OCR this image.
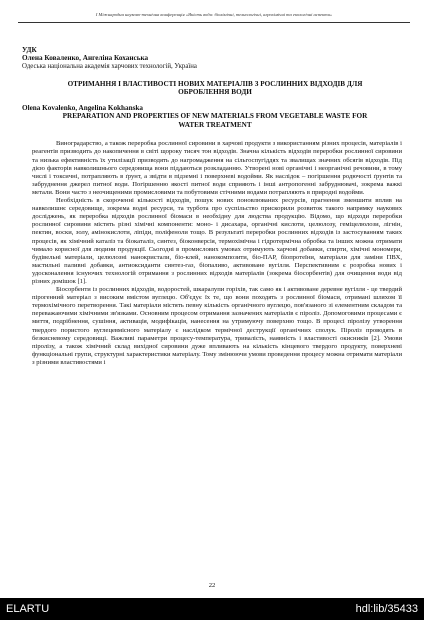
І Міжнародна науково-технічна конференція «Якість води: біохімічні, технологічні, агрохімічні та екологічні аспекти»
УДК
Олена Коваленко, Ангеліна Коханська
Одеська національна академія харчових технологій, Україна
ОТРИМАННЯ І ВЛАСТИВОСТІ НОВИХ МАТЕРІАЛІВ З РОСЛИННИХ ВІДХОДІВ ДЛЯ ОБРОБЛЕННЯ ВОДИ
Olena Kovalenko, Angelina Kokhanska
PREPARATION AND PROPERTIES OF NEW MATERIALS FROM VEGETABLE WASTE FOR WATER TREATMENT

Виноградарство, а також переробка рослинної сировини в харчові продукти з використанням різних процесів, матеріалів і реагентів призводить до накопичення в світі щороку тисяч тон відходів. Значна кількість відходів переробки рослинної сировини та низька ефективність їх утилізації призводять до нагромадження на сільгоспугіддях та звалищах значних обсягів відходів. Під дією факторів навколишнього середовища вони піддаються розкладанню. Утворені нові органічні і неорганічні речовини, в тому числі і токсичні, потрапляють в ґрунт, а звідти в підземні і поверхневі водойми. Як наслідок – погіршення родючості ґрунтів та забруднення джерел питної води. Погіршенню якості питної води сприяють і інші антропогенні забруднювачі, зокрема важкі метали. Вони часто з неочищеними промисловими та побутовими стічними водами потрапляють в природні водойми.

Необхідність в скороченні кількості відходів, пошук нових поновлюваних ресурсів, прагнення зменшити вплив на навколишнє середовище, зокрема водні ресурси, та турбота про суспільство прискорили розвиток такого напрямку наукових досліджень, як переробка відходів рослинної біомаси в необхідну для людства продукцію. Відомо, що відходи переробки рослинної сировини містять різні хімічні компоненти: моно- і дисахара, органічні кислоти, целюлозу, геміцелюлози, лігнін, пектин, воски, золу, амінокислоти, ліпіди, поліфеноли тощо. В результаті переробки рослинних відходів із застосуванням таких процесів, як хімічний каталіз та біокаталіз, синтез, біоконверсія, термохімічна і гідротермічна обробка та інших можна отримати чимало корисної для людини продукції. Сьогодні в промислових умовах отримують харчові добавки, спирти, хімічні мономери, будівельні матеріали, целюлозні нанокристали, біо-клей, нанокомпозити, біо-ПАР, біопротеїни, матеріали для заміни ПВХ, мастильні паливні добавки, антиоксиданти синтез-газ, біопаливо, активоване вугілля. Перспективним є розробка нових і удосконалення існуючих технологій отримання з рослинних відходів матеріалів (зокрема біосорбентів) для очищення води від різних домішок [1].

Біосорбенти із рослинних відходів, водоростей, шкаралупи горіхів, так само як і активоване деревне вугілля - це твердий пірогенний матеріал з високим вмістом вуглецю. Об'єдує їх те, що вони походять з рослинної біомаси, отримані шляхом її термохімічного перетворення. Такі матеріали містять певну кількість органічного вуглецю, пов'язаного зі елементним складом та переважаючими хімічними зв'язками. Основним процесом отримання зазначених матеріалів є піроліз. Допомоговими процесами є миття, подрібнення, сушіння, активація, модифікація, нанесення на утримуючу поверхню тощо. В процесі піролізу утворення твердого пористого вуглецевмісного матеріалу є наслідком термічної деструкції органічних сполук. Піроліз проводять в безкисневому середовищі. Важливі параметри процесу-температура, тривалість, наявність і властивості окисників [2]. Умови піролізу, а також хімічний склад вихідної сировини дуже впливають на кількість кінцевого твердого продукту, поверхневі функціональні групи, структурні характеристики матеріалу. Тому змінюючи умови проведення процесу можна отримати матеріали з різними властивостями і

22
ELARTU	hdl:lib/35433
